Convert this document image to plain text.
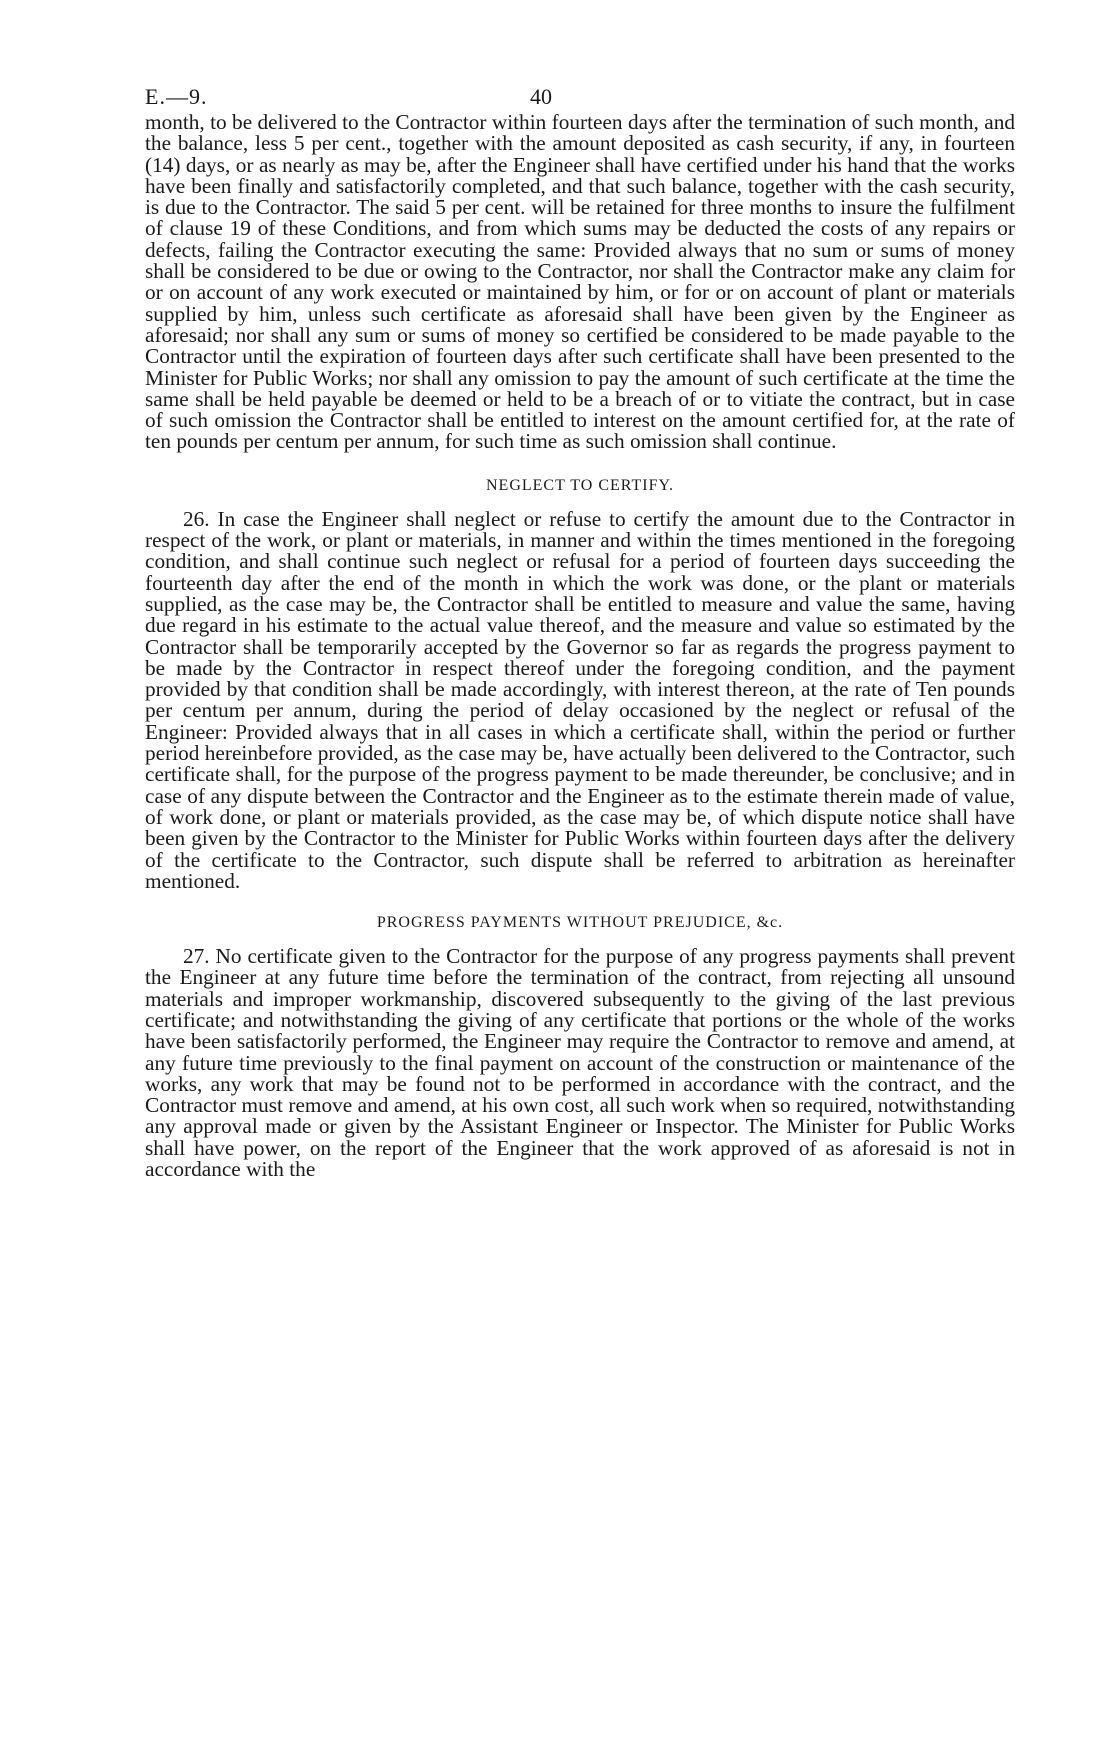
E.—9.	40

month, to be delivered to the Contractor within fourteen days after the termination of such month, and the balance, less 5 per cent., together with the amount deposited as cash security, if any, in fourteen (14) days, or as nearly as may be, after the Engineer shall have certified under his hand that the works have been finally and satisfactorily completed, and that such balance, together with the cash security, is due to the Contractor. The said 5 per cent. will be retained for three months to insure the fulfilment of clause 19 of these Conditions, and from which sums may be deducted the costs of any repairs or defects, failing the Contractor executing the same: Provided always that no sum or sums of money shall be considered to be due or owing to the Contractor, nor shall the Contractor make any claim for or on account of any work executed or maintained by him, or for or on account of plant or materials supplied by him, unless such certificate as aforesaid shall have been given by the Engineer as aforesaid; nor shall any sum or sums of money so certified be considered to be made payable to the Contractor until the expiration of fourteen days after such certificate shall have been presented to the Minister for Public Works; nor shall any omission to pay the amount of such certificate at the time the same shall be held payable be deemed or held to be a breach of or to vitiate the contract, but in case of such omission the Contractor shall be entitled to interest on the amount certified for, at the rate of ten pounds per centum per annum, for such time as such omission shall continue.

NEGLECT TO CERTIFY.

26. In case the Engineer shall neglect or refuse to certify the amount due to the Contractor in respect of the work, or plant or materials, in manner and within the times mentioned in the foregoing condition, and shall continue such neglect or refusal for a period of fourteen days succeeding the fourteenth day after the end of the month in which the work was done, or the plant or materials supplied, as the case may be, the Contractor shall be entitled to measure and value the same, having due regard in his estimate to the actual value thereof, and the measure and value so estimated by the Contractor shall be temporarily accepted by the Governor so far as regards the progress payment to be made by the Contractor in respect thereof under the foregoing condition, and the payment provided by that condition shall be made accordingly, with interest thereon, at the rate of Ten pounds per centum per annum, during the period of delay occasioned by the neglect or refusal of the Engineer: Provided always that in all cases in which a certificate shall, within the period or further period hereinbefore provided, as the case may be, have actually been delivered to the Contractor, such certificate shall, for the purpose of the progress payment to be made thereunder, be conclusive; and in case of any dispute between the Contractor and the Engineer as to the estimate therein made of value, of work done, or plant or materials provided, as the case may be, of which dispute notice shall have been given by the Contractor to the Minister for Public Works within fourteen days after the delivery of the certificate to the Contractor, such dispute shall be referred to arbitration as hereinafter mentioned.

PROGRESS PAYMENTS WITHOUT PREJUDICE, &c.

27. No certificate given to the Contractor for the purpose of any progress payments shall prevent the Engineer at any future time before the termination of the contract, from rejecting all unsound materials and improper workmanship, discovered subsequently to the giving of the last previous certificate; and notwithstanding the giving of any certificate that portions or the whole of the works have been satisfactorily performed, the Engineer may require the Contractor to remove and amend, at any future time previously to the final payment on account of the construction or maintenance of the works, any work that may be found not to be performed in accordance with the contract, and the Contractor must remove and amend, at his own cost, all such work when so required, notwithstanding any approval made or given by the Assistant Engineer or Inspector. The Minister for Public Works shall have power, on the report of the Engineer that the work approved of as aforesaid is not in accordance with the
